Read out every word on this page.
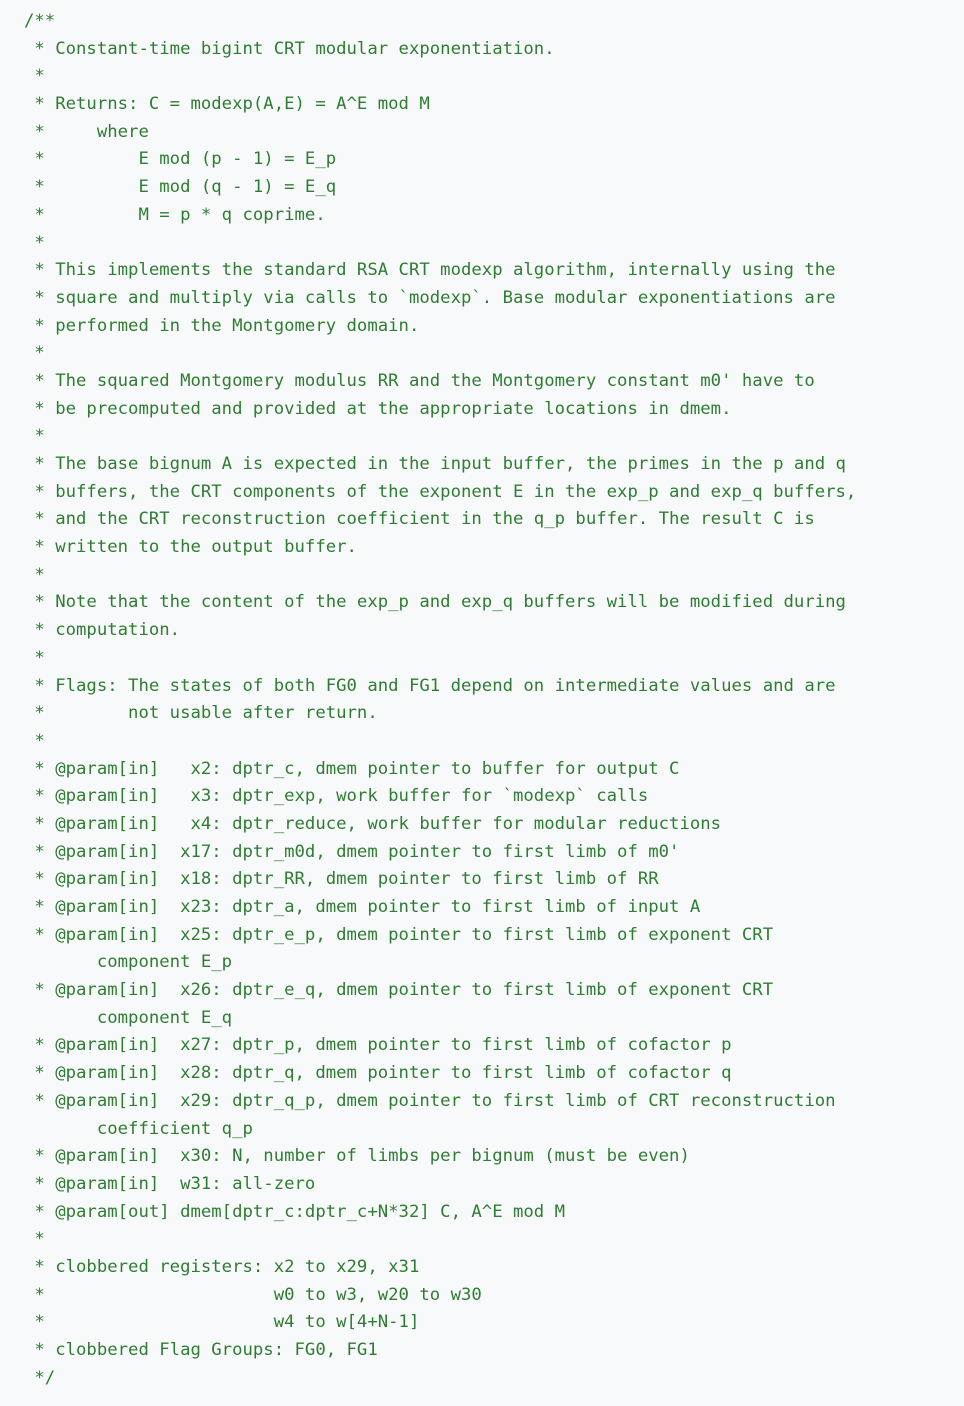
/**
* Constant-time bigint CRT modular exponentiation.
*
* Returns: C = modexp(A,E) = A^E mod M
*     where
*         E mod (p - 1) = E_p
*         E mod (q - 1) = E_q
*         M = p * q coprime.
*
* This implements the standard RSA CRT modexp algorithm, internally using the
* square and multiply via calls to `modexp`. Base modular exponentiations are
* performed in the Montgomery domain.
*
* The squared Montgomery modulus RR and the Montgomery constant m0' have to
* be precomputed and provided at the appropriate locations in dmem.
*
* The base bignum A is expected in the input buffer, the primes in the p and q
* buffers, the CRT components of the exponent E in the exp_p and exp_q buffers,
* and the CRT reconstruction coefficient in the q_p buffer. The result C is
* written to the output buffer.
*
* Note that the content of the exp_p and exp_q buffers will be modified during
* computation.
*
* Flags: The states of both FG0 and FG1 depend on intermediate values and are
*        not usable after return.
*
* @param[in]   x2: dptr_c, dmem pointer to buffer for output C
* @param[in]   x3: dptr_exp, work buffer for `modexp` calls
* @param[in]   x4: dptr_reduce, work buffer for modular reductions
* @param[in]  x17: dptr_m0d, dmem pointer to first limb of m0'
* @param[in]  x18: dptr_RR, dmem pointer to first limb of RR
* @param[in]  x23: dptr_a, dmem pointer to first limb of input A
* @param[in]  x25: dptr_e_p, dmem pointer to first limb of exponent CRT
component E_p
* @param[in]  x26: dptr_e_q, dmem pointer to first limb of exponent CRT
component E_q
* @param[in]  x27: dptr_p, dmem pointer to first limb of cofactor p
* @param[in]  x28: dptr_q, dmem pointer to first limb of cofactor q
* @param[in]  x29: dptr_q_p, dmem pointer to first limb of CRT reconstruction
coefficient q_p
* @param[in]  x30: N, number of limbs per bignum (must be even)
* @param[in]  w31: all-zero
* @param[out] dmem[dptr_c:dptr_c+N*32] C, A^E mod M
*
* clobbered registers: x2 to x29, x31
*                      w0 to w3, w20 to w30
*                      w4 to w[4+N-1]
* clobbered Flag Groups: FG0, FG1
*/
